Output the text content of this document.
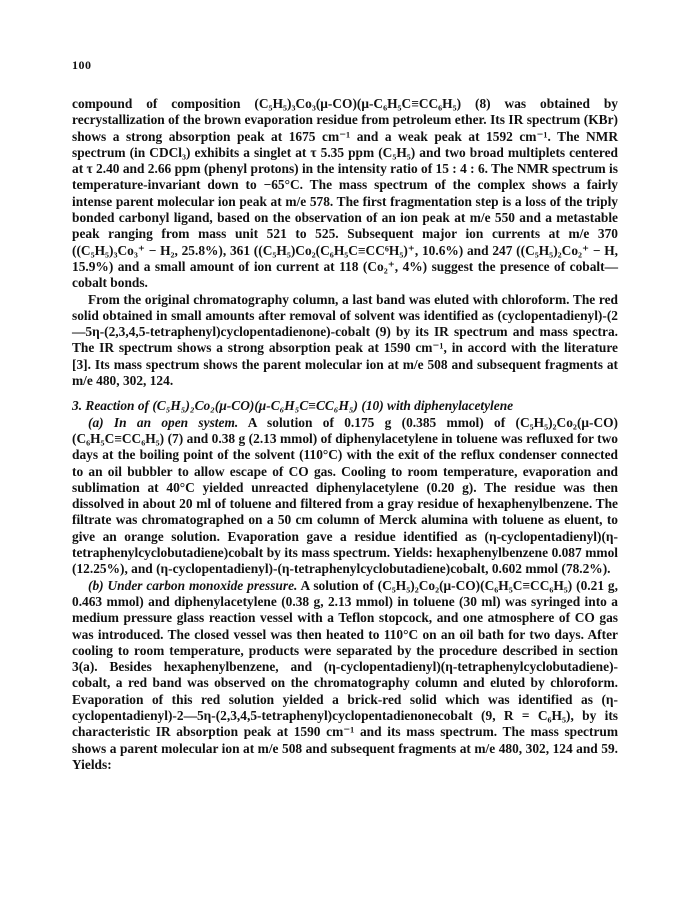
100

compound of composition (C₅H₅)₃Co₃(μ-CO)(μ-C₆H₅C≡CC₆H₅) (8) was obtained by recrystallization of the brown evaporation residue from petroleum ether. Its IR spectrum (KBr) shows a strong absorption peak at 1675 cm⁻¹ and a weak peak at 1592 cm⁻¹. The NMR spectrum (in CDCl₃) exhibits a singlet at τ 5.35 ppm (C₅H₅) and two broad multiplets centered at τ 2.40 and 2.66 ppm (phenyl protons) in the intensity ratio of 15 : 4 : 6. The NMR spectrum is temperature-invariant down to −65°C. The mass spectrum of the complex shows a fairly intense parent molecular ion peak at m/e 578. The first fragmentation step is a loss of the triply bonded carbonyl ligand, based on the observation of an ion peak at m/e 550 and a metastable peak ranging from mass unit 521 to 525. Subsequent major ion currents at m/e 370 ((C₅H₅)₃Co₃⁺ − H₂, 25.8%), 361 ((C₅H₅)Co₂(C₆H₅C≡CC⁶H₅)⁺, 10.6%) and 247 ((C₅H₅)₂Co₂⁺ − H, 15.9%) and a small amount of ion current at 118 (Co₂⁺, 4%) suggest the presence of cobalt—cobalt bonds.

From the original chromatography column, a last band was eluted with chloroform. The red solid obtained in small amounts after removal of solvent was identified as (cyclopentadienyl)-(2—5η-(2,3,4,5-tetraphenyl)cyclopentadienone)-cobalt (9) by its IR spectrum and mass spectra. The IR spectrum shows a strong absorption peak at 1590 cm⁻¹, in accord with the literature [3]. Its mass spectrum shows the parent molecular ion at m/e 508 and subsequent fragments at m/e 480, 302, 124.

3. Reaction of (C₅H₅)₂Co₂(μ-CO)(μ-C₆H₅C≡CC₆H₅) (10) with diphenylacetylene

(a) In an open system. A solution of 0.175 g (0.385 mmol) of (C₅H₅)₂Co₂(μ-CO)(C₆H₅C≡CC₆H₅) (7) and 0.38 g (2.13 mmol) of diphenylacetylene in toluene was refluxed for two days at the boiling point of the solvent (110°C) with the exit of the reflux condenser connected to an oil bubbler to allow escape of CO gas. Cooling to room temperature, evaporation and sublimation at 40°C yielded unreacted diphenylacetylene (0.20 g). The residue was then dissolved in about 20 ml of toluene and filtered from a gray residue of hexaphenylbenzene. The filtrate was chromatographed on a 50 cm column of Merck alumina with toluene as eluent, to give an orange solution. Evaporation gave a residue identified as (η-cyclopentadienyl)(η-tetraphenylcyclobutadiene)cobalt by its mass spectrum. Yields: hexaphenylbenzene 0.087 mmol (12.25%), and (η-cyclopentadienyl)-(η-tetraphenylcyclobutadiene)cobalt, 0.602 mmol (78.2%).

(b) Under carbon monoxide pressure. A solution of (C₅H₅)₂Co₂(μ-CO)(C₆H₅C≡CC₆H₅) (0.21 g, 0.463 mmol) and diphenylacetylene (0.38 g, 2.13 mmol) in toluene (30 ml) was syringed into a medium pressure glass reaction vessel with a Teflon stopcock, and one atmosphere of CO gas was introduced. The closed vessel was then heated to 110°C on an oil bath for two days. After cooling to room temperature, products were separated by the procedure described in section 3(a). Besides hexaphenylbenzene, and (η-cyclopentadienyl)(η-tetraphenylcyclobutadiene)-cobalt, a red band was observed on the chromatography column and eluted by chloroform. Evaporation of this red solution yielded a brick-red solid which was identified as (η-cyclopentadienyl)-2—5η-(2,3,4,5-tetraphenyl)cyclopentadienonecobalt (9, R = C₆H₅), by its characteristic IR absorption peak at 1590 cm⁻¹ and its mass spectrum. The mass spectrum shows a parent molecular ion at m/e 508 and subsequent fragments at m/e 480, 302, 124 and 59. Yields:
